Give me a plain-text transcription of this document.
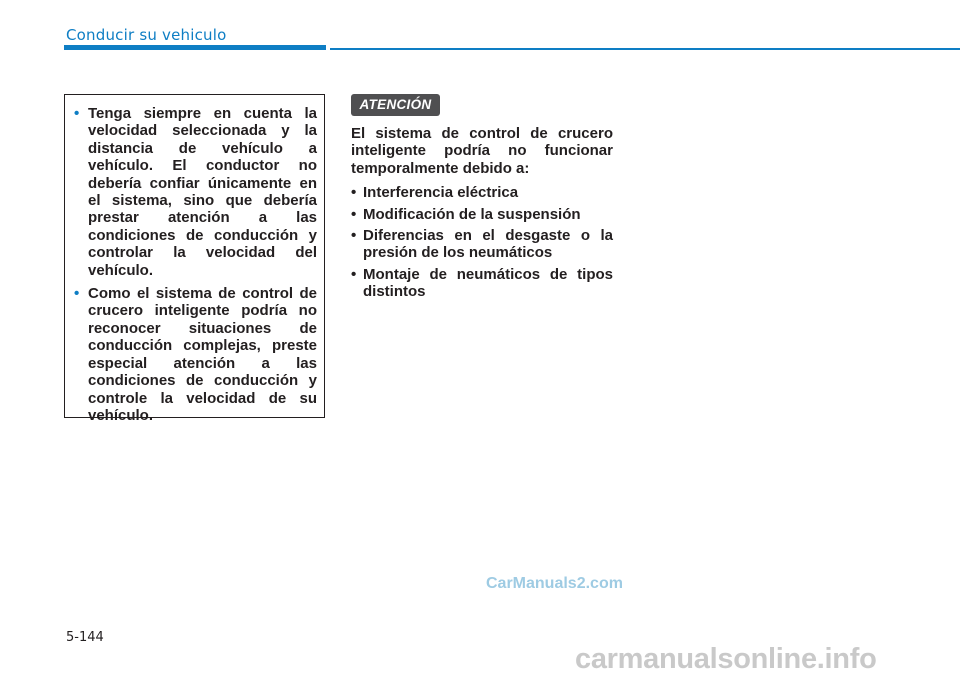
Conducir su vehiculo
• Tenga siempre en cuenta la velocidad seleccionada y la distancia de vehículo a vehículo. El conductor no debería confiar únicamente en el sistema, sino que debería prestar atención a las condiciones de conducción y controlar la velocidad del vehículo.
• Como el sistema de control de crucero inteligente podría no reconocer situaciones de conducción complejas, preste especial atención a las condiciones de conducción y controle la velocidad de su vehículo.
ATENCIÓN

El sistema de control de crucero inteligente podría no funcionar temporalmente debido a:

• Interferencia eléctrica
• Modificación de la suspensión
• Diferencias en el desgaste o la presión de los neumáticos
• Montaje de neumáticos de tipos distintos
CarManuals2.com
5-144
carmanualsonline.info
